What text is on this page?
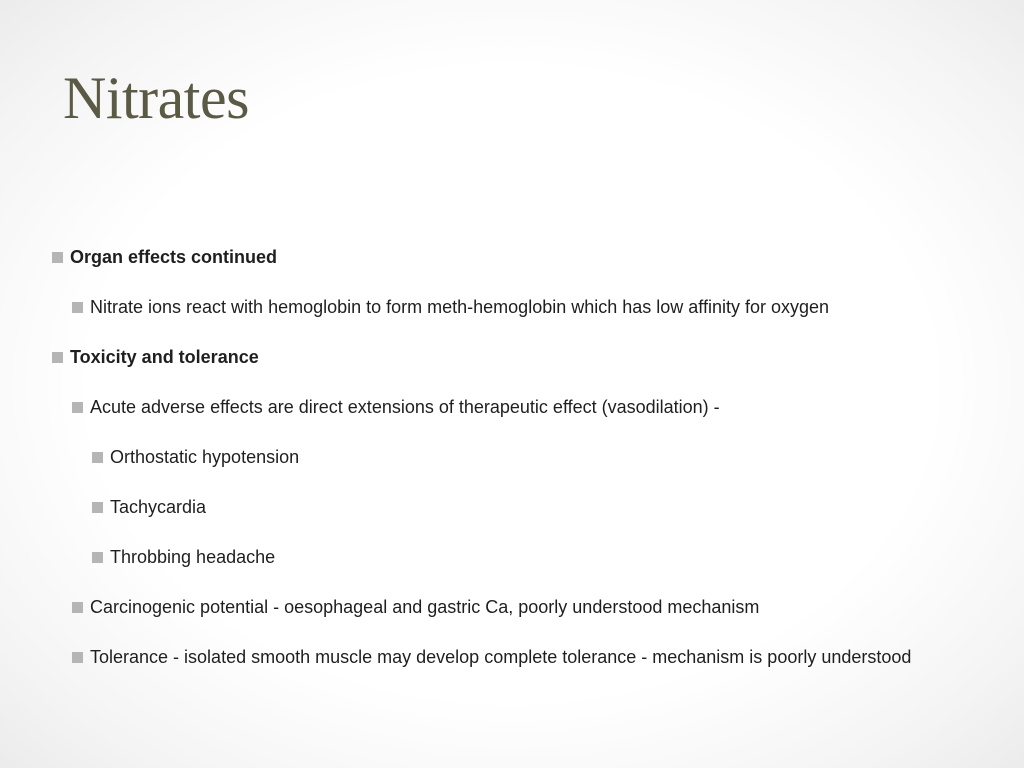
Nitrates
Organ effects continued
Nitrate ions react with hemoglobin to form meth-hemoglobin which has low affinity for oxygen
Toxicity and tolerance
Acute adverse effects are direct extensions of therapeutic effect (vasodilation) -
Orthostatic hypotension
Tachycardia
Throbbing headache
Carcinogenic potential - oesophageal and gastric Ca, poorly understood mechanism
Tolerance - isolated smooth muscle may develop complete tolerance - mechanism is poorly understood
